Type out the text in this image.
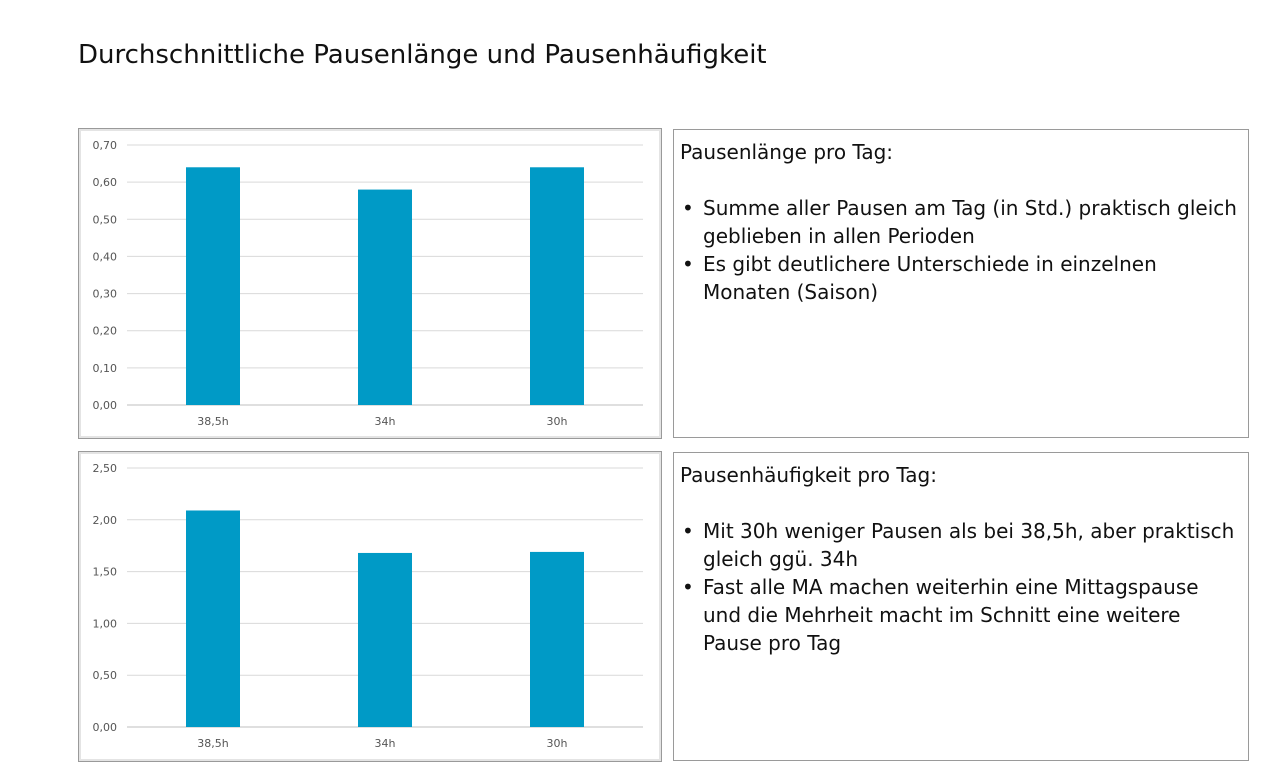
Durchschnittliche Pausenlänge und Pausenhäufigkeit
0,00
0,10
0,20
0,30
0,40
0,50
0,60
0,70
38,5h	34h	30h

Pausenlänge pro Tag:

• Summe aller Pausen am Tag (in Std.) praktisch gleich geblieben in allen Perioden
• Es gibt deutlichere Unterschiede in einzelnen Monaten (Saison)
0,00
0,50
1,00
1,50
2,00
2,50
38,5h	34h	30h

Pausenhäufigkeit pro Tag:

• Mit 30h weniger Pausen als bei 38,5h, aber praktisch gleich ggü. 34h
• Fast alle MA machen weiterhin eine Mittagspause und die Mehrheit macht im Schnitt eine weitere Pause pro Tag
